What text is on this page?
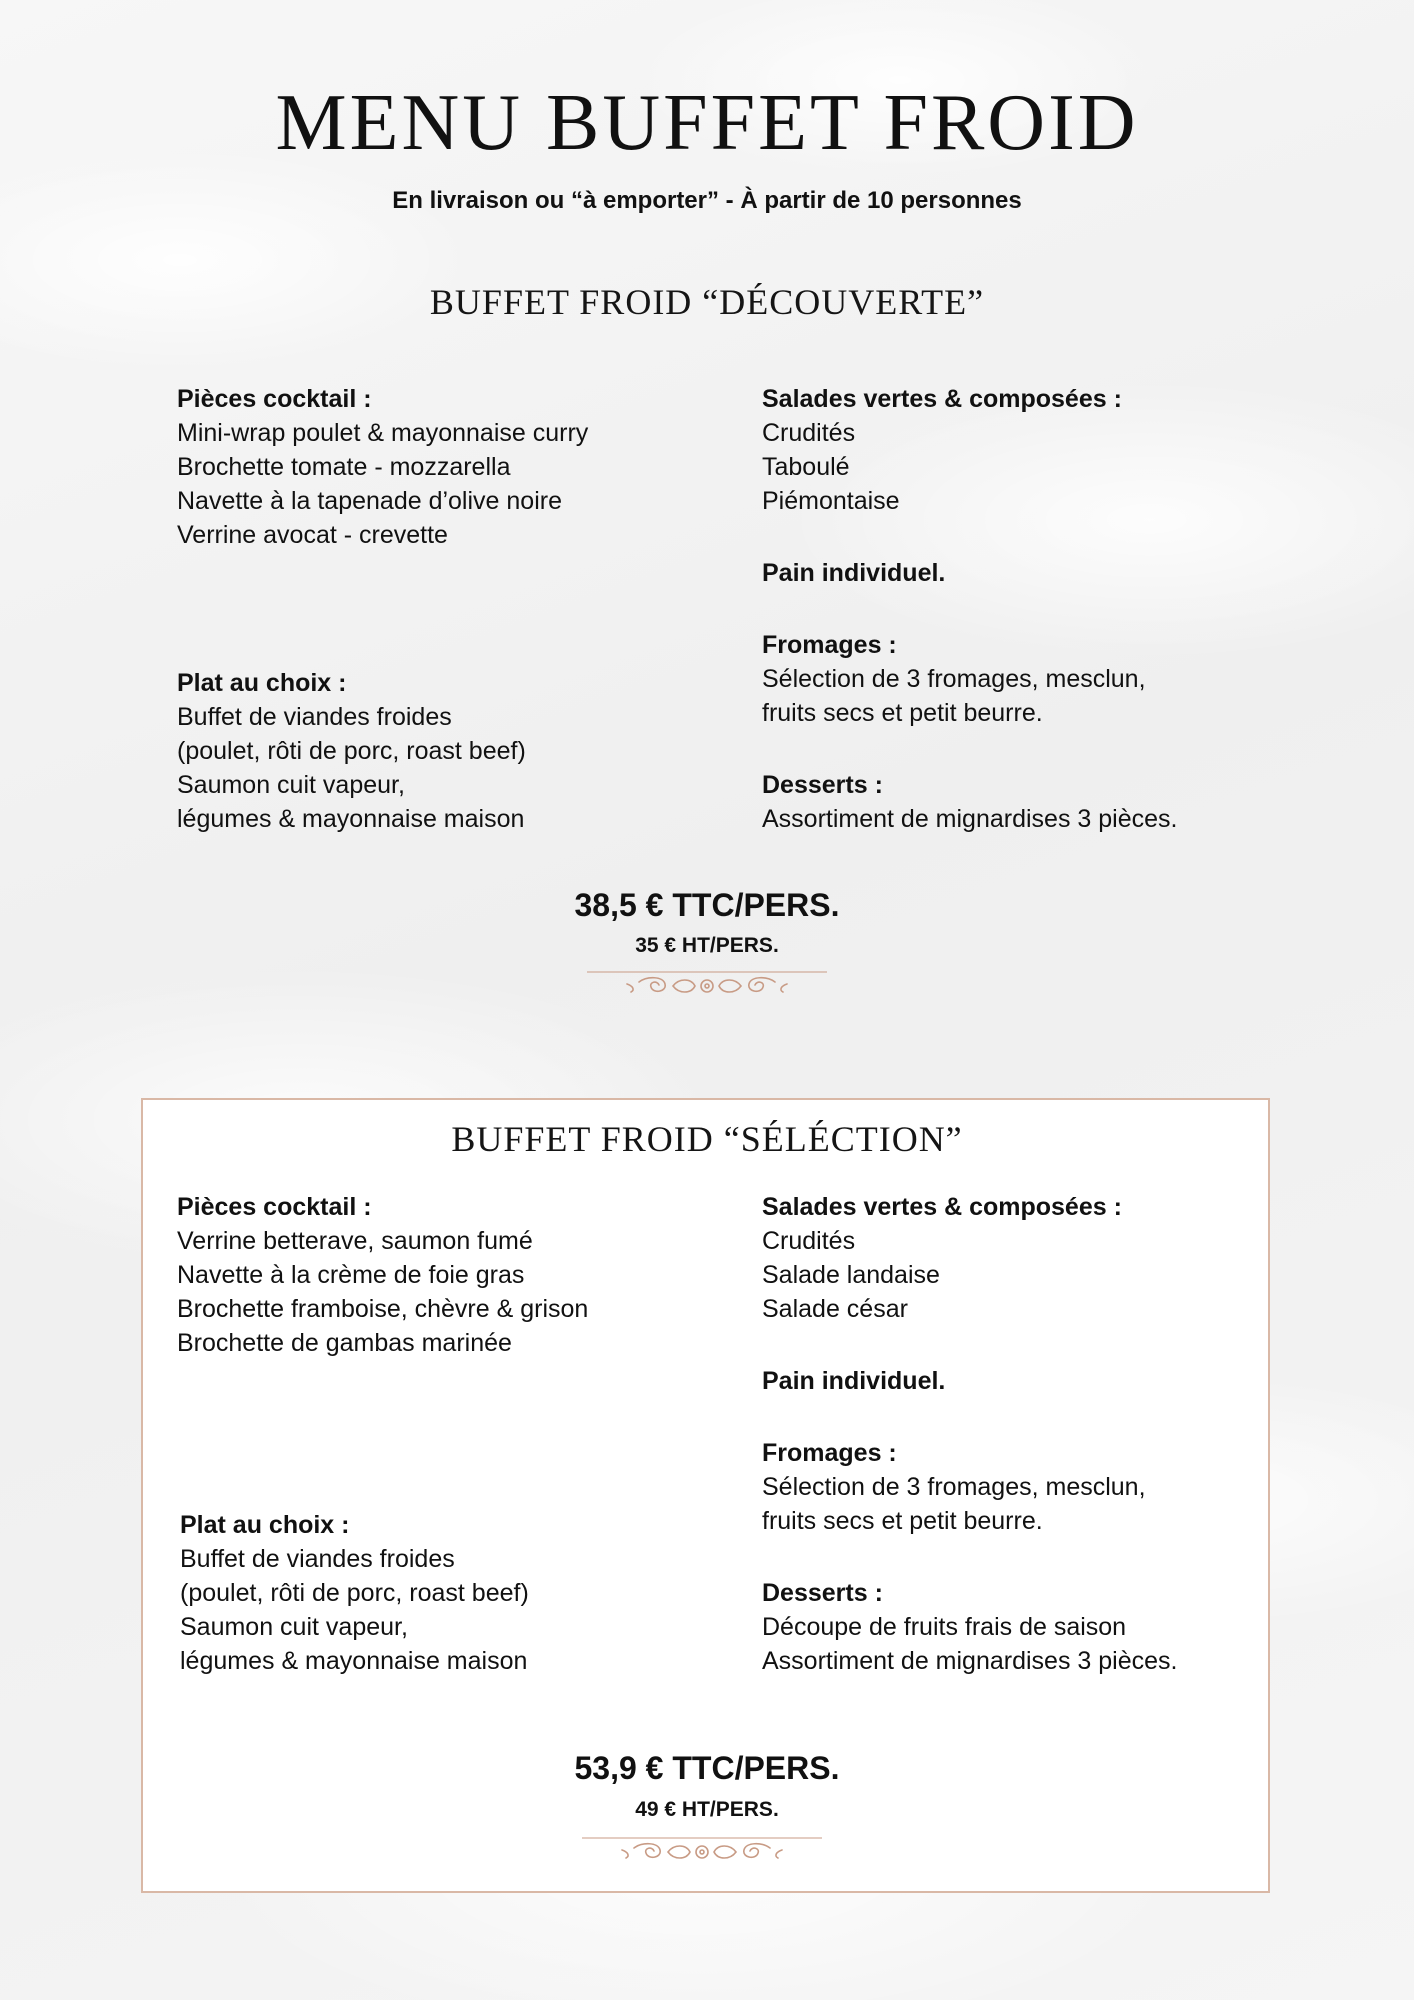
MENU BUFFET FROID
En livraison ou “à emporter” - À partir de 10 personnes
BUFFET FROID “DÉCOUVERTE”
Pièces cocktail :
Mini-wrap poulet & mayonnaise curry
Brochette tomate - mozzarella
Navette à la tapenade d’olive noire
Verrine avocat - crevette
Plat au choix :
Buffet de viandes froides
(poulet, rôti de porc, roast beef)
Saumon cuit vapeur,
légumes & mayonnaise maison
Salades vertes & composées :
Crudités
Taboulé
Piémontaise
Pain individuel.
Fromages :
Sélection de 3 fromages, mesclun,
fruits secs et petit beurre.
Desserts :
Assortiment de mignardises 3 pièces.
38,5 € TTC/PERS.
35 € HT/PERS.
BUFFET FROID “SÉLÉCTION”
Pièces cocktail :
Verrine betterave, saumon fumé
Navette à la crème de foie gras
Brochette framboise, chèvre & grison
Brochette de gambas marinée
Plat au choix :
Buffet de viandes froides
(poulet, rôti de porc, roast beef)
Saumon cuit vapeur,
légumes & mayonnaise maison
Salades vertes & composées :
Crudités
Salade landaise
Salade césar
Pain individuel.
Fromages :
Sélection de 3 fromages, mesclun,
fruits secs et petit beurre.
Desserts :
Découpe de fruits frais de saison
Assortiment de mignardises 3 pièces.
53,9 € TTC/PERS.
49 € HT/PERS.
